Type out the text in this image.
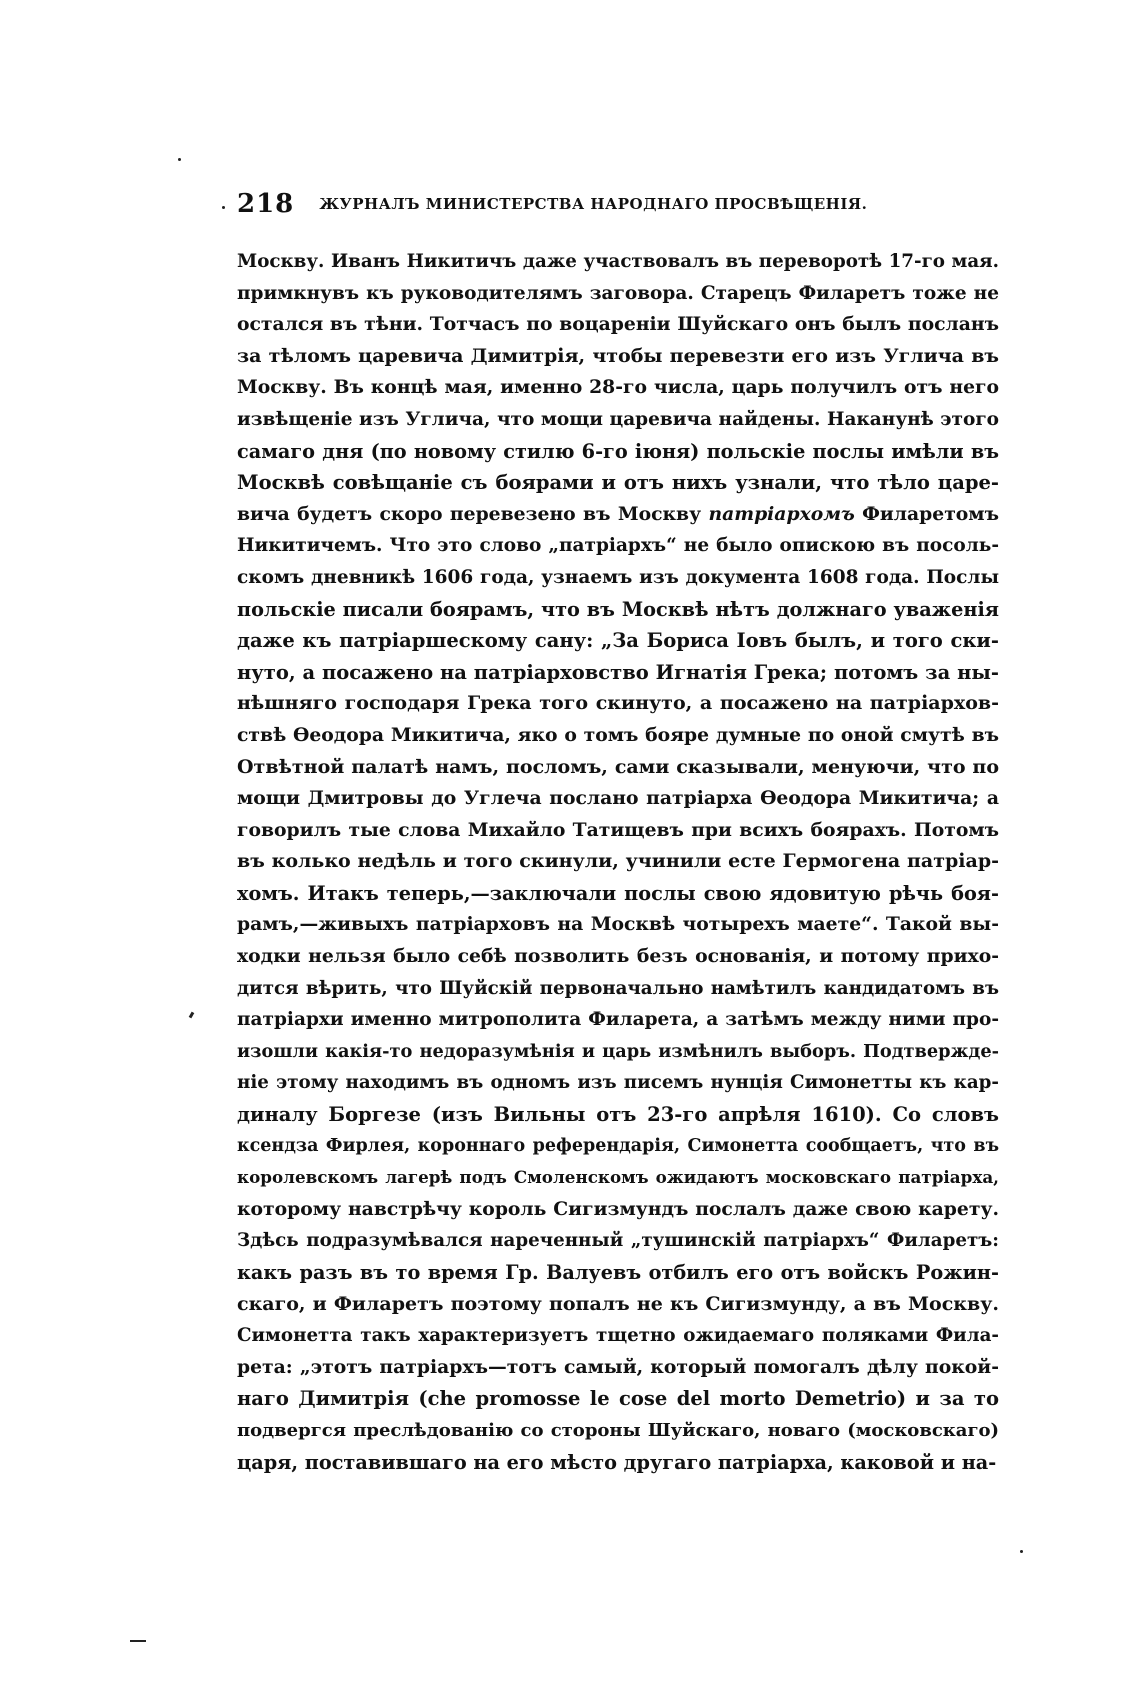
218 ЖУРНАЛЪ МИНИСТЕРСТВА НАРОДНАГО ПРОСВѢЩЕНІЯ.
Москву. Иванъ Никитичъ даже участвовалъ въ переворотѣ 17-го мая.
примкнувъ къ руководителямъ заговора. Старецъ Филаретъ тоже не
остался въ тѣни. Тотчасъ по воцареніи Шуйскаго онъ былъ посланъ
за тѣломъ царевича Димитрія, чтобы перевезти его изъ Углича въ
Москву. Въ концѣ мая, именно 28-го числа, царь получилъ отъ него
извѣщеніе изъ Углича, что мощи царевича найдены. Наканунѣ этого
самаго дня (по новому стилю 6-го іюня) польскіе послы имѣли въ
Москвѣ совѣщаніе съ боярами и отъ нихъ узнали, что тѣло царе-
вича будетъ скоро перевезено въ Москву патріархомъ Филаретомъ
Никитичемъ. Что это слово „патріархъ“ не было опискою въ посоль-
скомъ дневникѣ 1606 года, узнаемъ изъ документа 1608 года. Послы
польскіе писали боярамъ, что въ Москвѣ нѣтъ должнаго уваженія
даже къ патріаршескому сану: „За Бориса Іовъ былъ, и того ски-
нуто, а посажено на патріарховство Игнатія Грека; потомъ за ны-
нѣшняго господаря Грека того скинуто, а посажено на патріархов-
ствѣ Ѳеодора Микитича, яко о томъ бояре думные по оной смутѣ въ
Отвѣтной палатѣ намъ, посломъ, сами сказывали, менуючи, что по
мощи Дмитровы до Углеча послано патріарха Ѳеодора Микитича; а
говорилъ тые слова Михайло Татищевъ при всихъ боярахъ. Потомъ
въ колько недѣль и того скинули, учинили есте Гермогена патріар-
хомъ. Итакъ теперь,—заключали послы свою ядовитую рѣчь боя-
рамъ,—живыхъ патріарховъ на Москвѣ чотырехъ маете“. Такой вы-
ходки нельзя было себѣ позволить безъ основанія, и потому прихо-
дится вѣрить, что Шуйскій первоначально намѣтилъ кандидатомъ въ
патріархи именно митрополита Филарета, а затѣмъ между ними про-
изошли какія-то недоразумѣнія и царь измѣнилъ выборъ. Подтвержде-
ніе этому находимъ въ одномъ изъ писемъ нунція Симонетты къ кар-
диналу Боргезе (изъ Вильны отъ 23-го апрѣля 1610). Со словъ
ксендза Фирлея, короннаго референдарія, Симонетта сообщаетъ, что въ
королевскомъ лагерѣ подъ Смоленскомъ ожидаютъ московскаго патріарха,
которому навстрѣчу король Сигизмундъ послалъ даже свою карету.
Здѣсь подразумѣвался нареченный „тушинскій патріархъ“ Филаретъ:
какъ разъ въ то время Гр. Валуевъ отбилъ его отъ войскъ Рожин-
скаго, и Филаретъ поэтому попалъ не къ Сигизмунду, а въ Москву.
Симонетта такъ характеризуетъ тщетно ожидаемаго поляками Фила-
рета: „этотъ патріархъ—тотъ самый, который помогалъ дѣлу покой-
наго Димитрія (che promosse le cose del morto Demetrio) и за то
подвергся преслѣдованію со стороны Шуйскаго, новаго (московскаго)
царя, поставившаго на его мѣсто другаго патріарха, каковой и на-
